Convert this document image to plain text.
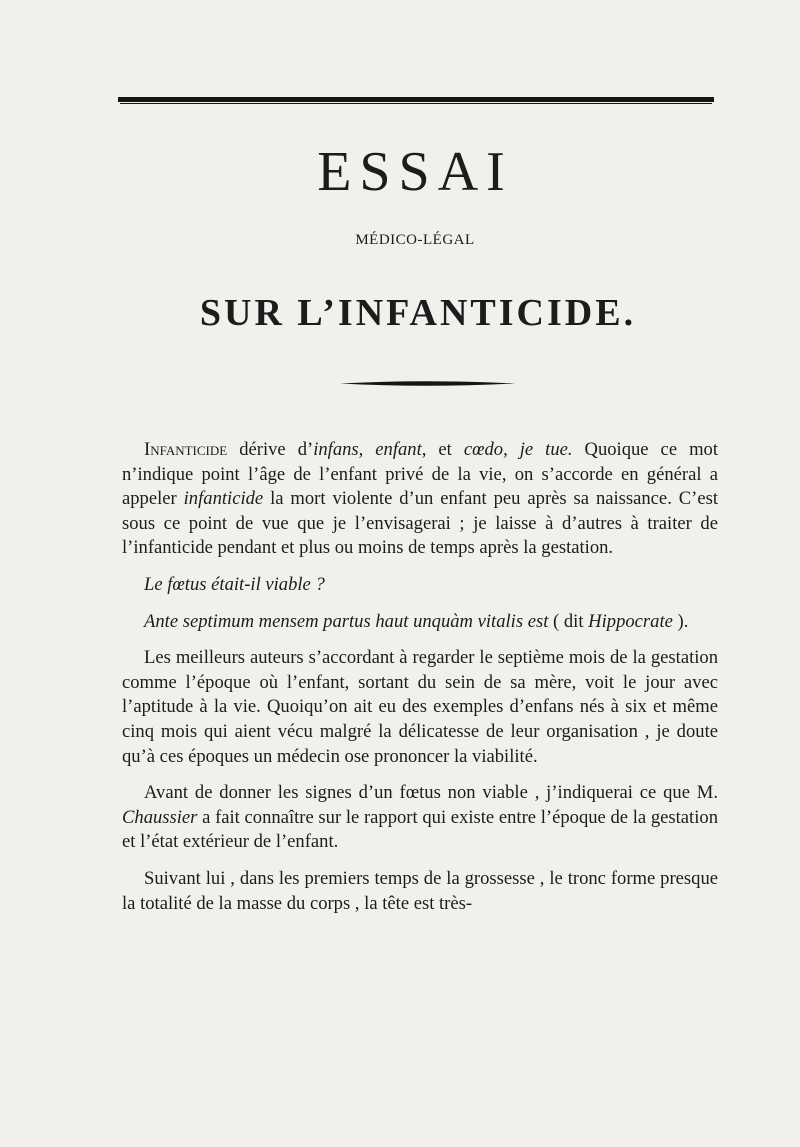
ESSAI
MÉDICO-LÉGAL
SUR L’INFANTICIDE.

Infanticide dérive d’infans, enfant, et cœdo, je tue. Quoique ce mot n’indique point l’âge de l’enfant privé de la vie, on s’accorde en général a appeler infanticide la mort violente d’un enfant peu après sa naissance. C’est sous ce point de vue que je l’envisagerai ; je laisse à d’autres à traiter de l’infanticide pendant et plus ou moins de temps après la gestation.

Le fœtus était-il viable ?

Ante septimum mensem partus haut unquàm vitalis est ( dit Hippocrate ).

Les meilleurs auteurs s’accordant à regarder le septième mois de la gestation comme l’époque où l’enfant, sortant du sein de sa mère, voit le jour avec l’aptitude à la vie. Quoiqu’on ait eu des exemples d’enfans nés à six et même cinq mois qui aient vécu malgré la délicatesse de leur organisation , je doute qu’à ces époques un médecin ose prononcer la viabilité.

Avant de donner les signes d’un fœtus non viable , j’indiquerai ce que M. Chaussier a fait connaître sur le rapport qui existe entre l’époque de la gestation et l’état extérieur de l’enfant.

Suivant lui , dans les premiers temps de la grossesse , le tronc forme presque la totalité de la masse du corps , la tête est très-
